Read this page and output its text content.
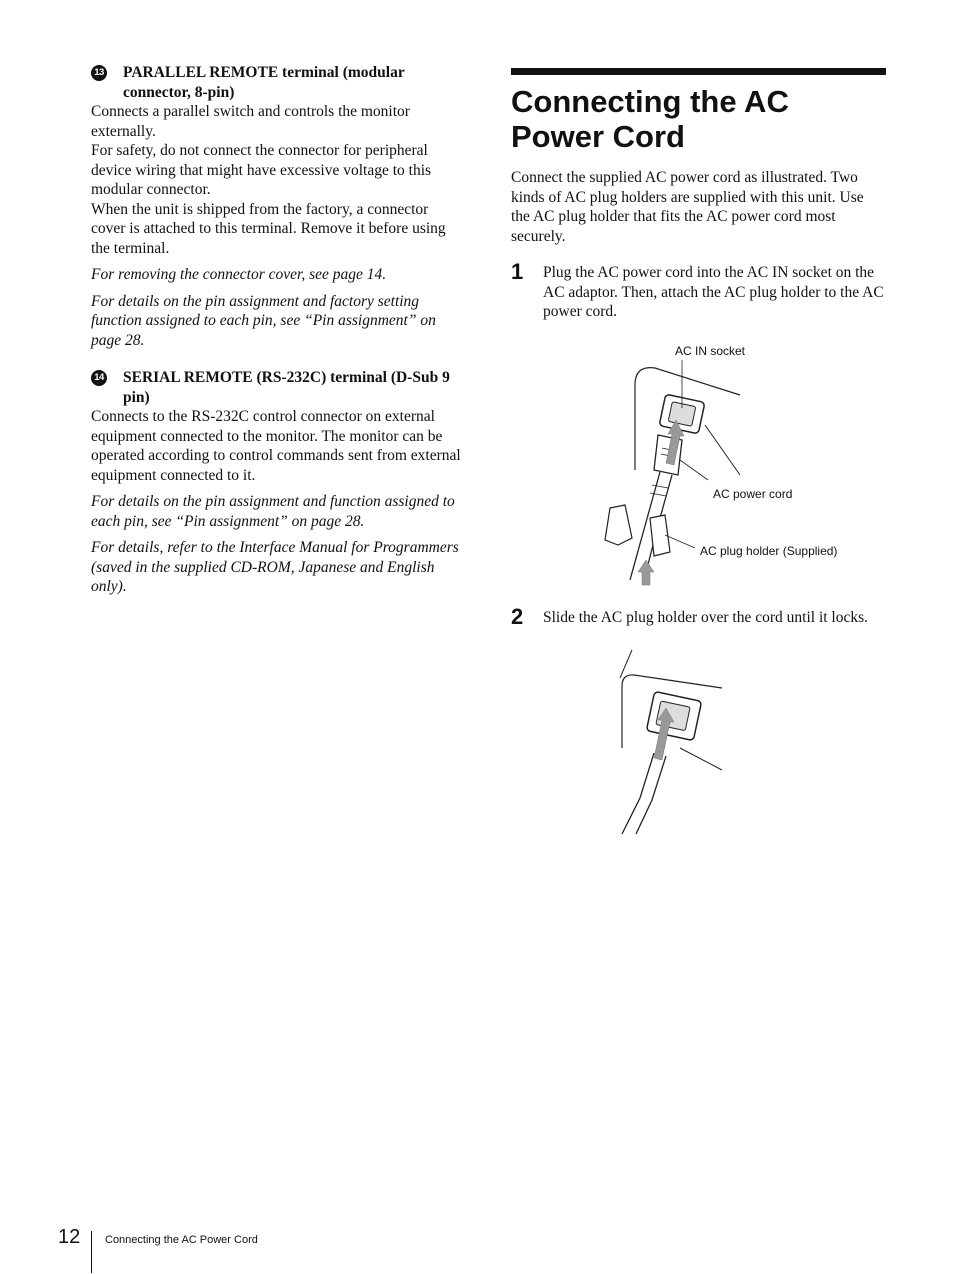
13 PARALLEL REMOTE terminal (modular connector, 8-pin)

Connects a parallel switch and controls the monitor externally.

For safety, do not connect the connector for peripheral device wiring that might have excessive voltage to this modular connector.

When the unit is shipped from the factory, a connector cover is attached to this terminal. Remove it before using the terminal.

For removing the connector cover, see page 14.

For details on the pin assignment and factory setting function assigned to each pin, see “Pin assignment” on page 28.

14 SERIAL REMOTE (RS-232C) terminal (D-Sub 9 pin)

Connects to the RS-232C control connector on external equipment connected to the monitor. The monitor can be operated according to control commands sent from external equipment connected to it.

For details on the pin assignment and function assigned to each pin, see “Pin assignment” on page 28.

For details, refer to the Interface Manual for Programmers (saved in the supplied CD-ROM, Japanese and English only).

Connecting the AC Power Cord

Connect the supplied AC power cord as illustrated. Two kinds of AC plug holders are supplied with this unit. Use the AC plug holder that fits the AC power cord most securely.

1 Plug the AC power cord into the AC IN socket on the AC adaptor. Then, attach the AC plug holder to the AC power cord.

AC IN socket
AC power cord
AC plug holder (Supplied)
2 Slide the AC plug holder over the cord until it locks.

12 Connecting the AC Power Cord
